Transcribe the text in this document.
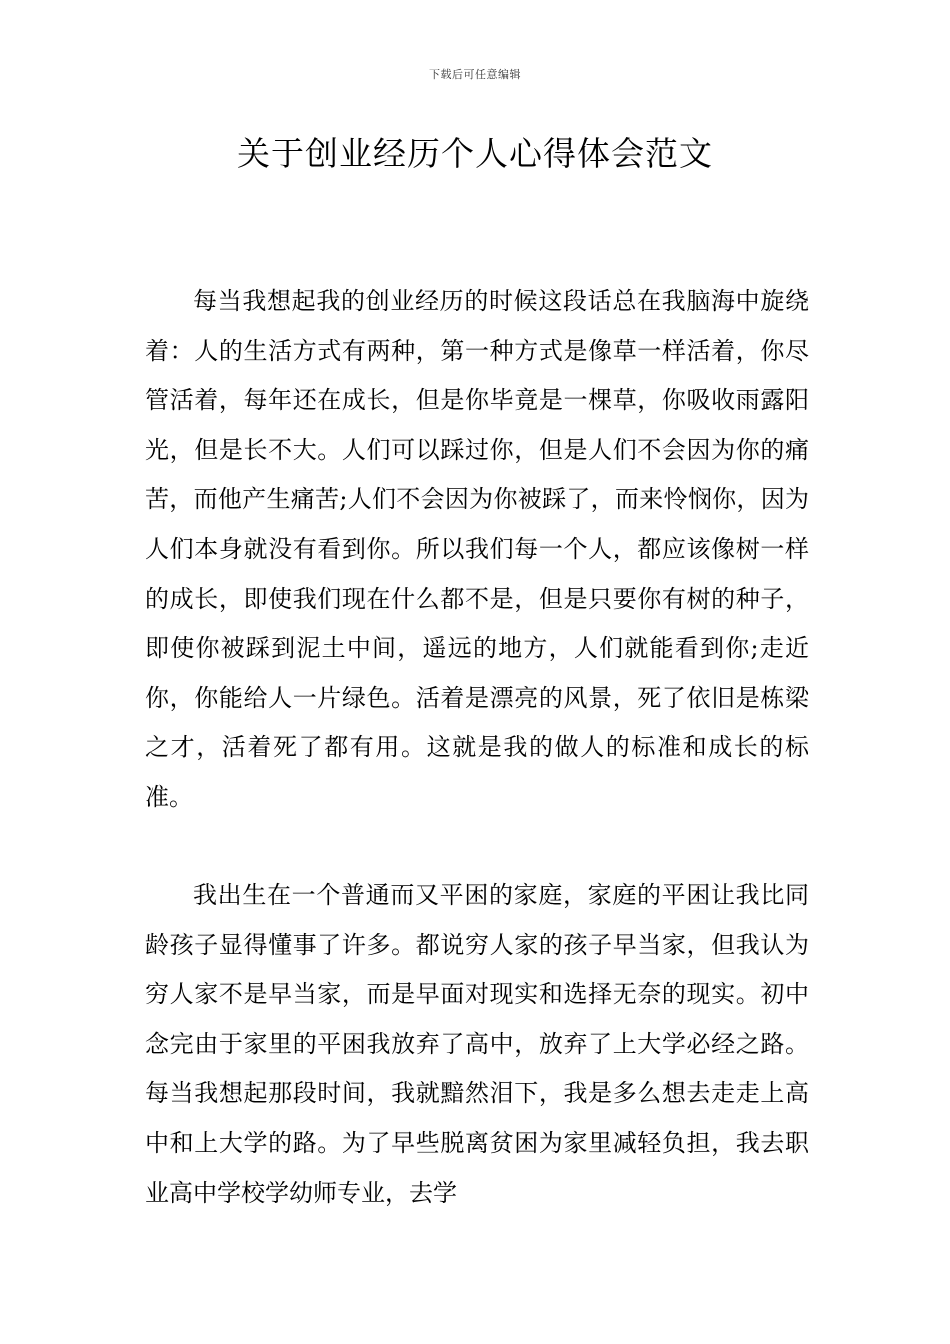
下载后可任意编辑
关于创业经历个人心得体会范文

每当我想起我的创业经历的时候这段话总在我脑海中旋绕着：人的生活方式有两种，第一种方式是像草一样活着，你尽管活着，每年还在成长，但是你毕竟是一棵草，你吸收雨露阳光，但是长不大。人们可以踩过你，但是人们不会因为你的痛苦，而他产生痛苦;人们不会因为你被踩了，而来怜悯你，因为人们本身就没有看到你。所以我们每一个人，都应该像树一样的成长，即使我们现在什么都不是，但是只要你有树的种子，即使你被踩到泥土中间，遥远的地方，人们就能看到你;走近你，你能给人一片绿色。活着是漂亮的风景，死了依旧是栋梁之才，活着死了都有用。这就是我的做人的标准和成长的标准。

我出生在一个普通而又平困的家庭，家庭的平困让我比同龄孩子显得懂事了许多。都说穷人家的孩子早当家，但我认为穷人家不是早当家，而是早面对现实和选择无奈的现实。初中念完由于家里的平困我放弃了高中，放弃了上大学必经之路。每当我想起那段时间，我就黯然泪下，我是多么想去走走上高中和上大学的路。为了早些脱离贫困为家里减轻负担，我去职业高中学校学幼师专业，去学
